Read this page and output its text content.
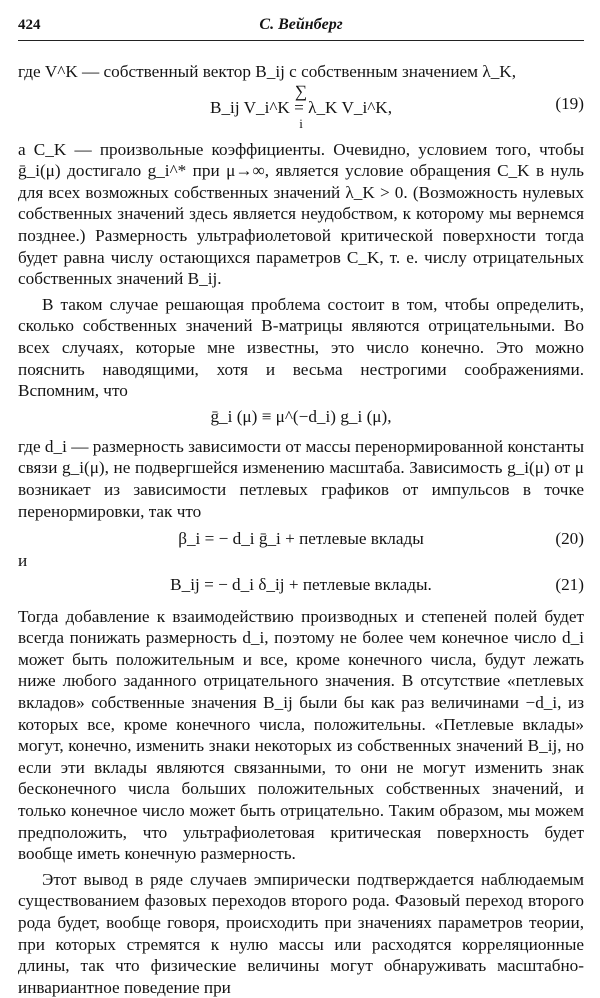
424	С. Вейнберг

где V^K — собственный вектор B_ij с собственным значением λ_K,

∑
B_ij V_i^K = λ_K V_i^K,
i
(19)

а C_K — произвольные коэффициенты. Очевидно, условием того, чтобы ḡ_i(μ) достигало g_i^* при μ→∞, является условие обращения C_K в нуль для всех возможных собственных значений λ_K > 0. (Возможность нулевых собственных значений здесь является неудобством, к которому мы вернемся позднее.) Размерность ультрафиолетовой критической поверхности тогда будет равна числу остающихся параметров C_K, т. е. числу отрицательных собственных значений B_ij.

В таком случае решающая проблема состоит в том, чтобы определить, сколько собственных значений B-матрицы являются отрицательными. Во всех случаях, которые мне известны, это число конечно. Это можно пояснить наводящими, хотя и весьма нестрогими соображениями. Вспомним, что

ḡ_i (μ) ≡ μ^(−d_i) g_i (μ),

где d_i — размерность зависимости от массы перенормированной константы связи g_i(μ), не подвергшейся изменению масштаба. Зависимость g_i(μ) от μ возникает из зависимости петлевых графиков от импульсов в точке перенормировки, так что

β_i = − d_i ḡ_i + петлевые вклады	(20)

и

B_ij = − d_i δ_ij + петлевые вклады.	(21)

Тогда добавление к взаимодействию производных и степеней полей будет всегда понижать размерность d_i, поэтому не более чем конечное число d_i может быть положительным и все, кроме конечного числа, будут лежать ниже любого заданного отрицательного значения. В отсутствие «петлевых вкладов» собственные значения B_ij были бы как раз величинами −d_i, из которых все, кроме конечного числа, положительны. «Петлевые вклады» могут, конечно, изменить знаки некоторых из собственных значений B_ij, но если эти вклады являются связанными, то они не могут изменить знак бесконечного числа больших положительных собственных значений, и только конечное число может быть отрицательно. Таким образом, мы можем предположить, что ультрафиолетовая критическая поверхность будет вообще иметь конечную размерность.

Этот вывод в ряде случаев эмпирически подтверждается наблюдаемым существованием фазовых переходов второго рода. Фазовый переход второго рода будет, вообще говоря, происходить при значениях параметров теории, при которых стремятся к нулю массы или расходятся корреляционные длины, так что физические величины могут обнаруживать масштабно-инвариантное поведение при
